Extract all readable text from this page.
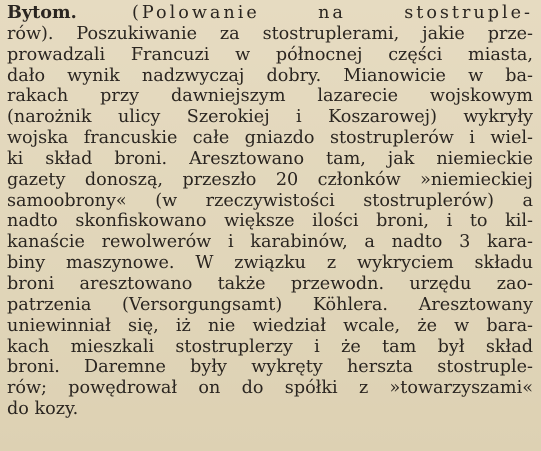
Bytom.	(Polowanie na stostruple-
rów). Poszukiwanie za stostruplerami, jakie prze-
prowadzali Francuzi w północnej części miasta,
dało wynik nadzwyczaj dobry. Mianowicie w ba-
rakach przy dawniejszym lazarecie wojskowym
(narożnik ulicy Szerokiej i Koszarowej) wykryły
wojska francuskie całe gniazdo stostruplerów i wiel-
ki skład broni. Aresztowano tam, jak niemieckie
gazety donoszą, przeszło 20 członków »niemieckiej
samoobrony« (w rzeczywistości stostruplerów) a
nadto skonfiskowano większe ilości broni, i to kil-
kanaście rewolwerów i karabinów, a nadto 3 kara-
biny maszynowe. W związku z wykryciem składu
broni aresztowano także przewodn. urzędu zao-
patrzenia (Versorgungsamt) Köhlera. Aresztowany
uniewinniał się, iż nie wiedział wcale, że w bara-
kach mieszkali stostruplerzy i że tam był skład
broni. Daremne były wykręty herszta stostruple-
rów; powędrował on do spółki z »towarzyszami«
do kozy.
